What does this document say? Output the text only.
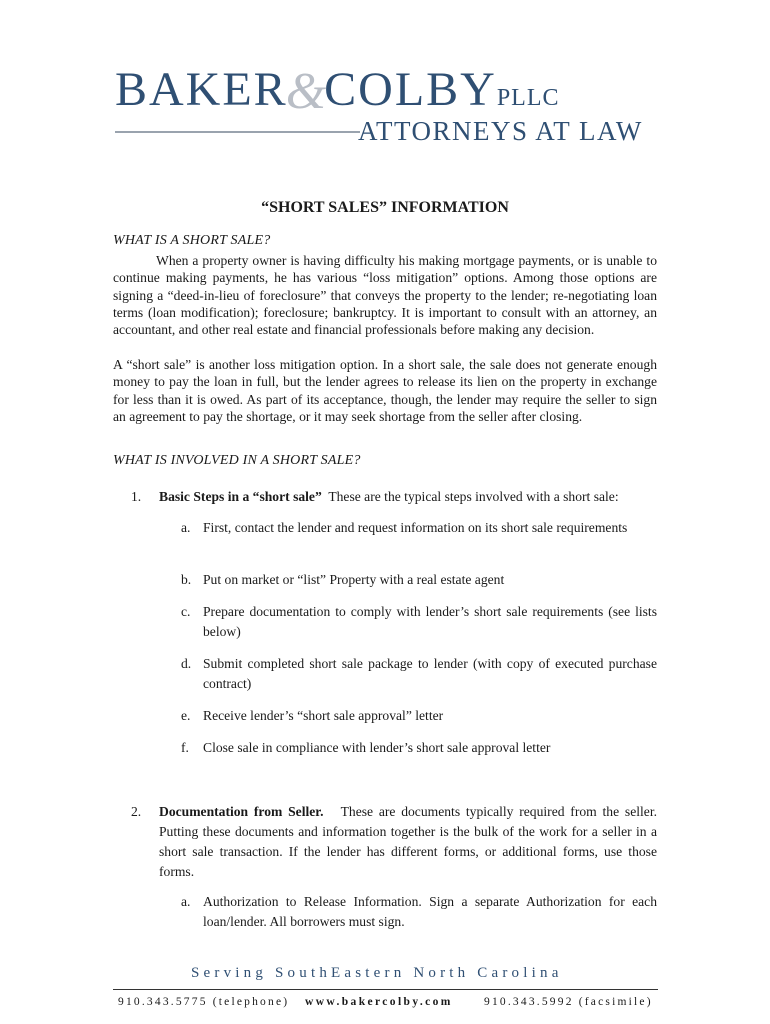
BAKER&COLBYPLLC
ATTORNEYS AT LAW
“SHORT SALES” INFORMATION
WHAT IS A SHORT SALE?
When a property owner is having difficulty his making mortgage payments, or is unable to continue making payments, he has various “loss mitigation” options. Among those options are signing a “deed-in-lieu of foreclosure” that conveys the property to the lender; re-negotiating loan terms (loan modification); foreclosure; bankruptcy. It is important to consult with an attorney, an accountant, and other real estate and financial professionals before making any decision.
A “short sale” is another loss mitigation option. In a short sale, the sale does not generate enough money to pay the loan in full, but the lender agrees to release its lien on the property in exchange for less than it is owed. As part of its acceptance, though, the lender may require the seller to sign an agreement to pay the shortage, or it may seek shortage from the seller after closing.
WHAT IS INVOLVED IN A SHORT SALE?
1. Basic Steps in a “short sale” These are the typical steps involved with a short sale:
a. First, contact the lender and request information on its short sale requirements
b. Put on market or “list” Property with a real estate agent
c. Prepare documentation to comply with lender’s short sale requirements (see lists below)
d. Submit completed short sale package to lender (with copy of executed purchase contract)
e. Receive lender’s “short sale approval” letter
f. Close sale in compliance with lender’s short sale approval letter
2. Documentation from Seller. These are documents typically required from the seller. Putting these documents and information together is the bulk of the work for a seller in a short sale transaction. If the lender has different forms, or additional forms, use those forms.
a. Authorization to Release Information. Sign a separate Authorization for each loan/lender. All borrowers must sign.
Serving SouthEastern North Carolina
910.343.5775 (telephone) www.bakercolby.com	910.343.5992 (facsimile)
